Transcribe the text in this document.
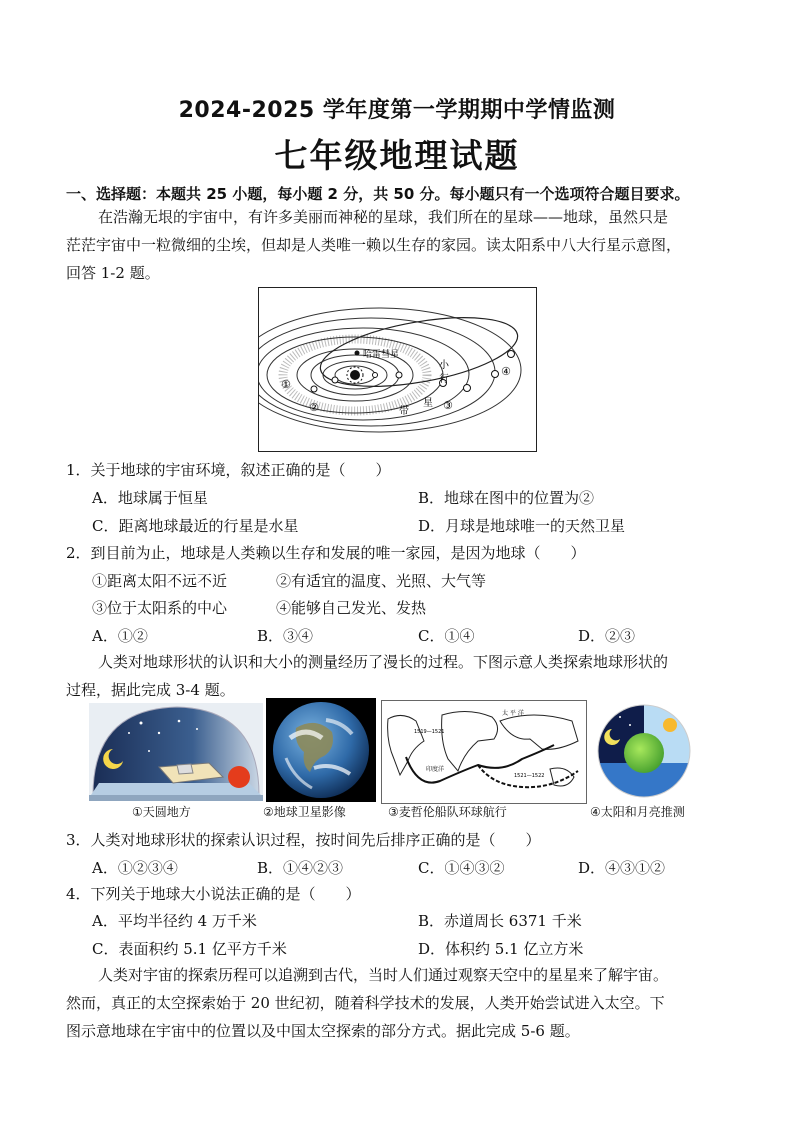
2024-2025 学年度第一学期期中学情监测
七年级地理试题
一、选择题：本题共 25 小题，每小题 2 分，共 50 分。每小题只有一个选项符合题目要求。
在浩瀚无垠的宇宙中，有许多美丽而神秘的星球，我们所在的星球——地球，虽然只是
茫茫宇宙中一粒微细的尘埃，但却是人类唯一赖以生存的家园。读太阳系中八大行星示意图，
回答 1-2 题。
哈雷彗星
小
行
星
带
①
②	③
④
1．关于地球的宇宙环境，叙述正确的是（　　）
A．地球属于恒星	B．地球在图中的位置为②
C．距离地球最近的行星是水星	D．月球是地球唯一的天然卫星
2．到目前为止，地球是人类赖以生存和发展的唯一家园，是因为地球（　　）
①距离太阳不远不近	②有适宜的温度、光照、大气等
③位于太阳系的中心	④能够自己发光、发热
A．①②	B．③④	C．①④	D．②③
人类对地球形状的认识和大小的测量经历了漫长的过程。下图示意人类探索地球形状的
过程，据此完成 3-4 题。
太 平 洋
印度洋
1519—1521
1521—1522
①天圆地方	②地球卫星影像	③麦哲伦船队环球航行	④太阳和月亮推测
3．人类对地球形状的探索认识过程，按时间先后排序正确的是（　　）
A．①②③④	B．①④②③	C．①④③②	D．④③①②
4．下列关于地球大小说法正确的是（　　）
A．平均半径约 4 万千米	B．赤道周长 6371 千米
C．表面积约 5.1 亿平方千米	D．体积约 5.1 亿立方米
人类对宇宙的探索历程可以追溯到古代，当时人们通过观察天空中的星星来了解宇宙。
然而，真正的太空探索始于 20 世纪初，随着科学技术的发展，人类开始尝试进入太空。下
图示意地球在宇宙中的位置以及中国太空探索的部分方式。据此完成 5-6 题。
